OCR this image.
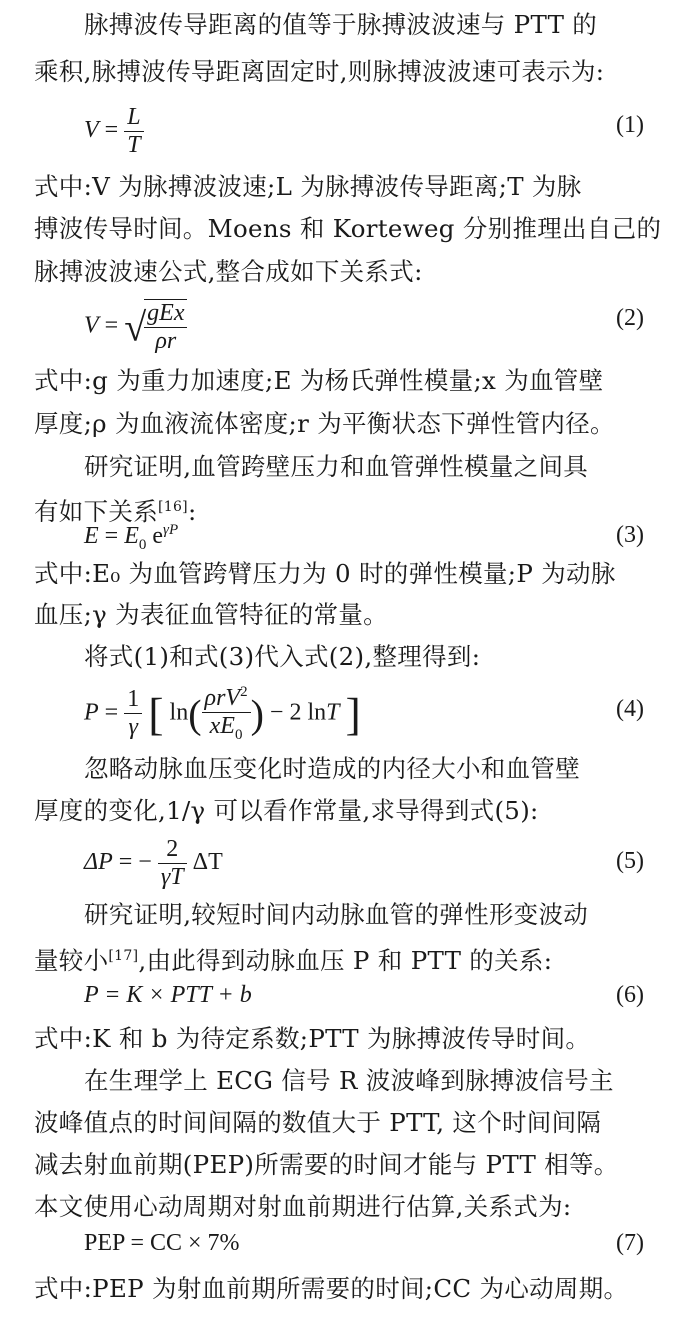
脉搏波传导距离的值等于脉搏波波速与 PTT 的
乘积,脉搏波传导距离固定时,则脉搏波波速可表示为:
$V = \frac{L}{T}$	(1)
式中:V 为脉搏波波速;L 为脉搏波传导距离;T 为脉
搏波传导时间。Moens 和 Korteweg 分别推理出自己的
脉搏波波速公式,整合成如下关系式:
V = √
$\frac{\text{gEx}}{\rho r}$	(2)
式中:g 为重力加速度;E 为杨氏弹性模量;x 为血管壁
厚度;ρ 为血液流体密度;r 为平衡状态下弹性管内径。
研究证明,血管跨壁压力和血管弹性模量之间具
有如下关系[16]:
$E = E_0$ $e^{\gamma P}$	(3)
式中:E₀ 为血管跨臂压力为 0 时的弹性模量;P 为动脉
血压;γ 为表征血管特征的常量。
将式(1)和式(3)代入式(2),整理得到:
$P = \frac{1}{\gamma}$ [ $\ln( \frac{\rho rV^2}{xE_0}$ ) − 2 lnT ]	(4)
忽略动脉血压变化时造成的内径大小和血管壁
厚度的变化,1/γ 可以看作常量,求导得到式(5):
ΔP = − $\frac{2}{\gamma T}$ ΔT	(5)
研究证明,较短时间内动脉血管的弹性形变波动
量较小[17],由此得到动脉血压 P 和 PTT 的关系:
P = K × PTT + b	(6)
式中:K 和 b 为待定系数;PTT 为脉搏波传导时间。
在生理学上 ECG 信号 R 波波峰到脉搏波信号主
波峰值点的时间间隔的数值大于 PTT, 这个时间间隔
减去射血前期(PEP)所需要的时间才能与 PTT 相等。
本文使用心动周期对射血前期进行估算,关系式为:
PEP = CC × 7%	(7)
式中:PEP 为射血前期所需要的时间;CC 为心动周期。
